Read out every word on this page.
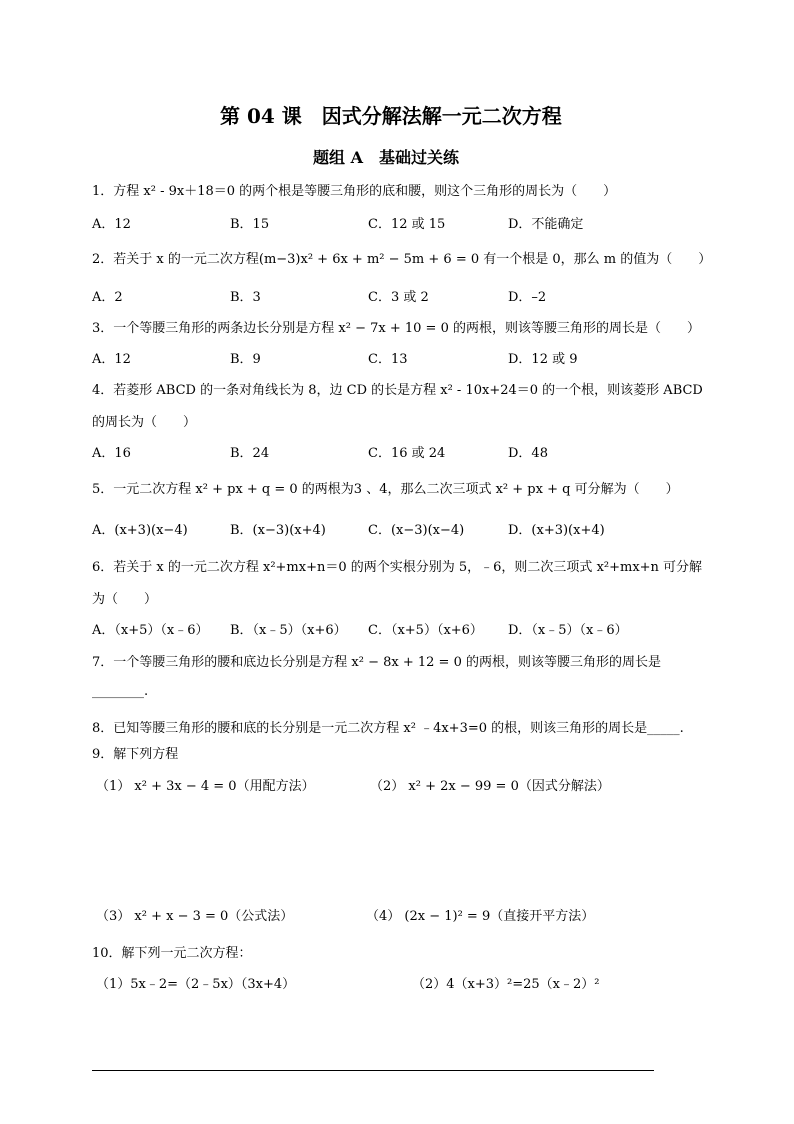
第 04 课　因式分解法解一元二次方程
题组 A　基础过关练
1．方程 x² - 9x＋18＝0 的两个根是等腰三角形的底和腰，则这个三角形的周长为（　　）
A．12	B．15	C．12 或 15	D．不能确定
2．若关于 x 的一元二次方程(m−3)x² + 6x + m² − 5m + 6 = 0 有一个根是 0，那么 m 的值为（　　）
A．2	B．3	C．3 或 2	D．–2
3．一个等腰三角形的两条边长分别是方程 x² − 7x + 10 = 0 的两根，则该等腰三角形的周长是（　　）
A．12	B．9	C．13	D．12 或 9
4．若菱形 ABCD 的一条对角线长为 8，边 CD 的长是方程 x² - 10x+24＝0 的一个根，则该菱形 ABCD
的周长为（　　）
A．16	B．24	C．16 或 24	D．48
5．一元二次方程 x² + px + q = 0 的两根为3 、4，那么二次三项式 x² + px + q 可分解为（　　）
A．(x+3)(x−4)	B．(x−3)(x+4)	C．(x−3)(x−4)	D．(x+3)(x+4)
6．若关于 x 的一元二次方程 x²+mx+n＝0 的两个实根分别为 5，﹣6，则二次三项式 x²+mx+n 可分解
为（　　）
A．（x+5）（x﹣6） B．（x﹣5）（x+6） C．（x+5）（x+6） D．（x﹣5）（x﹣6）
7．一个等腰三角形的腰和底边长分别是方程 x² − 8x + 12 = 0 的两根，则该等腰三角形的周长是
________.
8．已知等腰三角形的腰和底的长分别是一元二次方程 x² ﹣4x+3=0 的根，则该三角形的周长是_____.
9．解下列方程
（1） x² + 3x − 4 = 0（用配方法）	（2） x² + 2x − 99 = 0（因式分解法）
（3） x² + x − 3 = 0（公式法）	（4） (2x − 1)² = 9（直接开平方法）
10．解下列一元二次方程：
（1）5x﹣2=（2﹣5x）（3x+4）	（2）4（x+3）²=25（x﹣2）²
